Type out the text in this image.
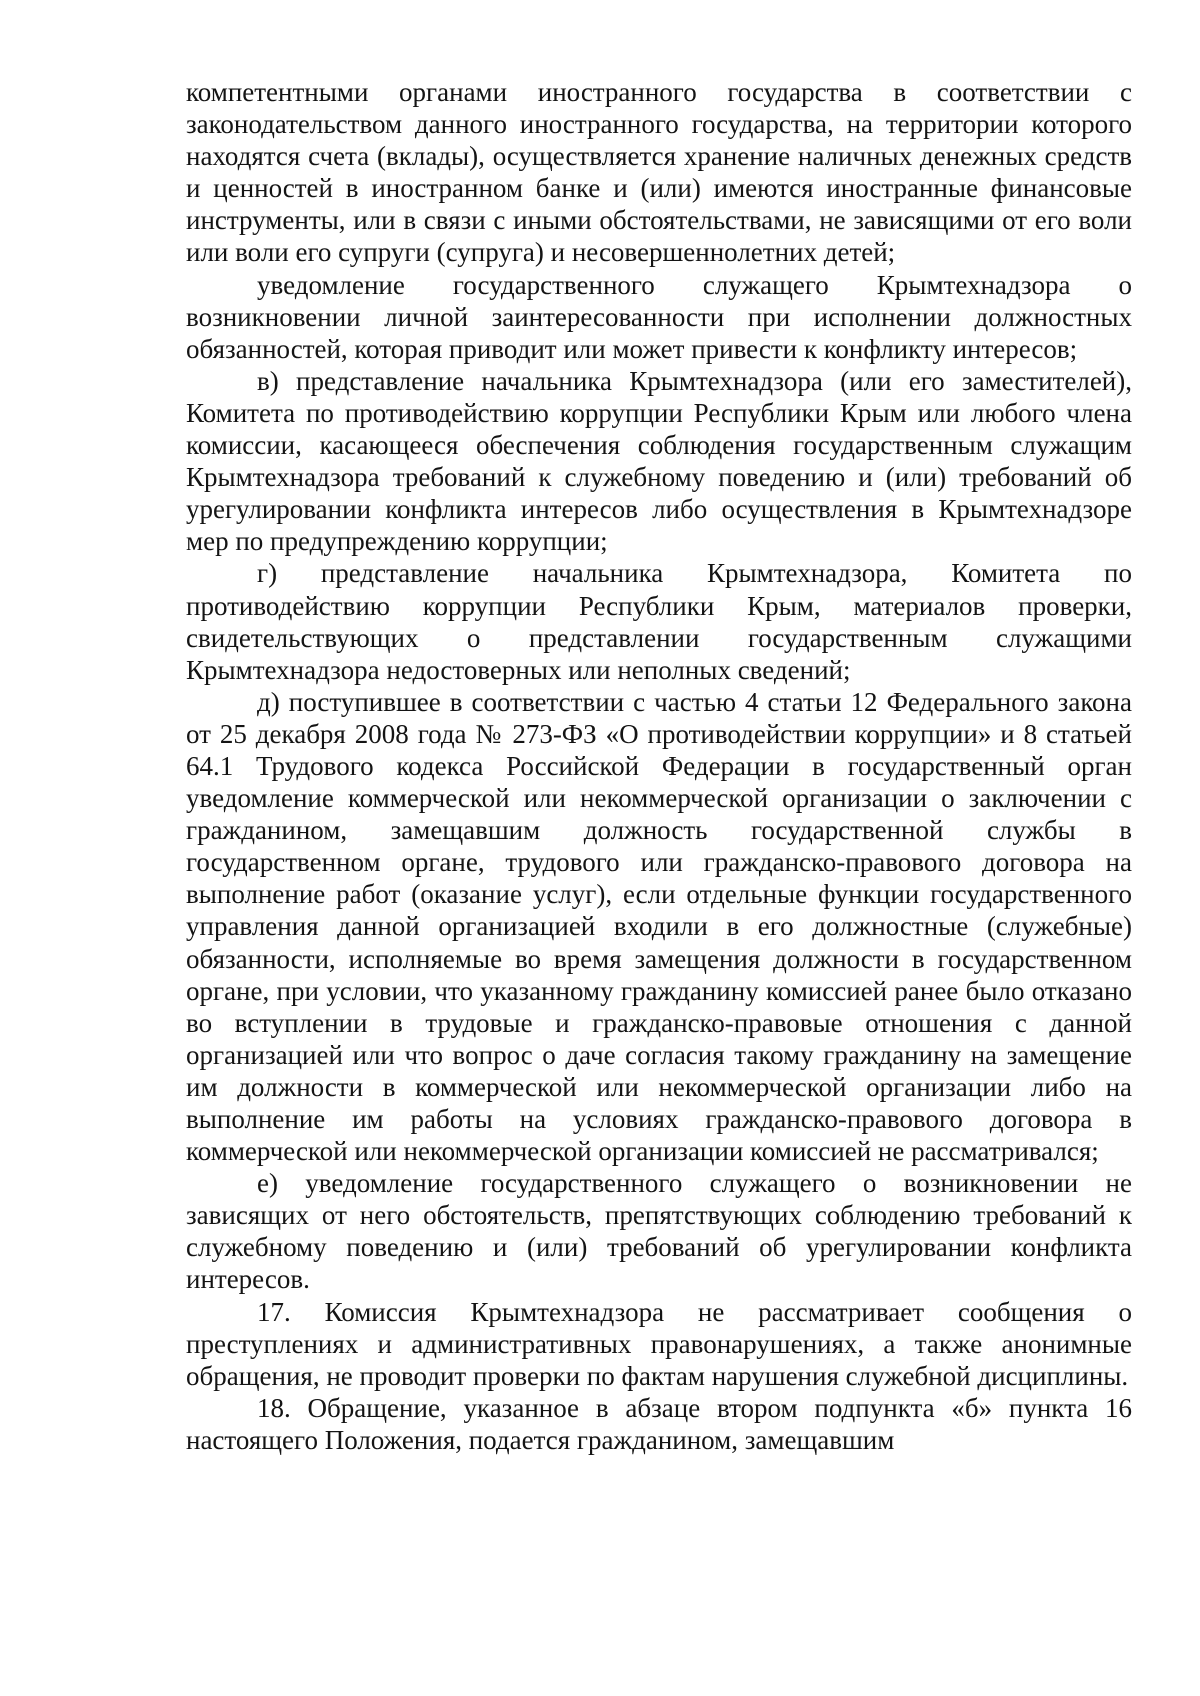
компетентными органами иностранного государства в соответствии с законодательством данного иностранного государства, на территории которого находятся счета (вклады), осуществляется хранение наличных денежных средств и ценностей в иностранном банке и (или) имеются иностранные финансовые инструменты, или в связи с иными обстоятельствами, не зависящими от его воли или воли его супруги (супруга) и несовершеннолетних детей;

уведомление государственного служащего Крымтехнадзора о возникновении личной заинтересованности при исполнении должностных обязанностей, которая приводит или может привести к конфликту интересов;

в) представление начальника Крымтехнадзора (или его заместителей), Комитета по противодействию коррупции Республики Крым или любого члена комиссии, касающееся обеспечения соблюдения государственным служащим Крымтехнадзора требований к служебному поведению и (или) требований об урегулировании конфликта интересов либо осуществления в Крымтехнадзоре мер по предупреждению коррупции;

г) представление начальника Крымтехнадзора, Комитета по противодействию коррупции Республики Крым, материалов проверки, свидетельствующих о представлении государственным служащими Крымтехнадзора недостоверных или неполных сведений;

д) поступившее в соответствии с частью 4 статьи 12 Федерального закона от 25 декабря 2008 года № 273-ФЗ «О противодействии коррупции» и 8 статьей 64.1 Трудового кодекса Российской Федерации в государственный орган уведомление коммерческой или некоммерческой организации о заключении с гражданином, замещавшим должность государственной службы в государственном органе, трудового или гражданско-правового договора на выполнение работ (оказание услуг), если отдельные функции государственного управления данной организацией входили в его должностные (служебные) обязанности, исполняемые во время замещения должности в государственном органе, при условии, что указанному гражданину комиссией ранее было отказано во вступлении в трудовые и гражданско-правовые отношения с данной организацией или что вопрос о даче согласия такому гражданину на замещение им должности в коммерческой или некоммерческой организации либо на выполнение им работы на условиях гражданско-правового договора в коммерческой или некоммерческой организации комиссией не рассматривался;

е) уведомление государственного служащего о возникновении не зависящих от него обстоятельств, препятствующих соблюдению требований к служебному поведению и (или) требований об урегулировании конфликта интересов.

17. Комиссия Крымтехнадзора не рассматривает сообщения о преступлениях и административных правонарушениях, а также анонимные обращения, не проводит проверки по фактам нарушения служебной дисциплины.

18. Обращение, указанное в абзаце втором подпункта «б» пункта 16 настоящего Положения, подается гражданином, замещавшим
